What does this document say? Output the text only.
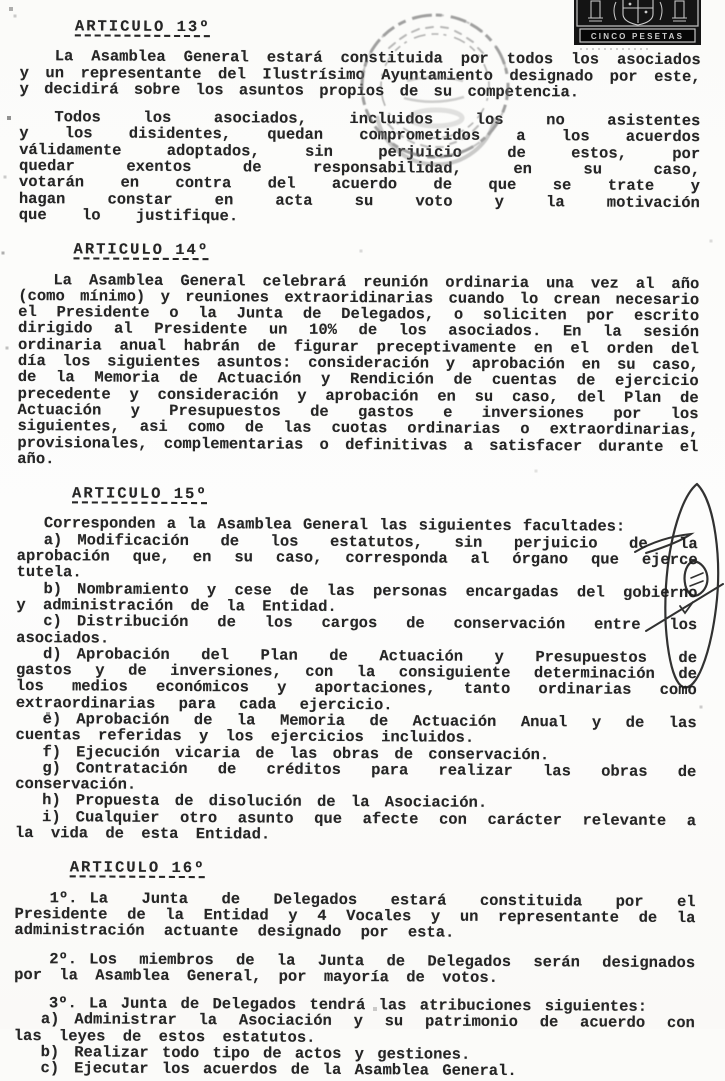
ARTICULO 13º

La Asamblea General estará constituida por todos los asociados y un representante del Ilustrísimo Ayuntamiento designado por este, y decidirá sobre los asuntos propios de su competencia.

Todos los asociados, incluidos los no asistentes y los disidentes, quedan comprometidos a los acuerdos válidamente adoptados, sin perjuicio de estos, por quedar exentos de responsabilidad, en su caso, votarán en contra del acuerdo de que se trate y hagan constar en acta su voto y la motivación que lo justifique.

ARTICULO 14º

La Asamblea General celebrará reunión ordinaria una vez al año (como mínimo) y reuniones extraoridinarias cuando lo crean necesario el Presidente o la Junta de Delegados, o soliciten por escrito dirigido al Presidente un 10% de los asociados. En la sesión ordinaria anual habrán de figurar preceptivamente en el orden del día los siguientes asuntos: consideración y aprobación en su caso, de la Memoria de Actuación y Rendición de cuentas de ejercicio precedente y consideración y aprobación en su caso, del Plan de Actuación y Presupuestos de gastos e inversiones por los siguientes, asi como de las cuotas ordinarias o extraordinarias, provisionales, complementarias o definitivas a satisfacer durante el año.

ARTICULO 15º

Corresponden a la Asamblea General las siguientes facultades:

a) Modificación de los estatutos, sin perjuicio de la aprobación que, en su caso, corresponda al órgano que ejerce tutela.

b) Nombramiento y cese de las personas encargadas del gobierno y administración de la Entidad.

c) Distribución de los cargos de conservación entre los asociados.

d) Aprobación del Plan de Actuación y Presupuestos de gastos y de inversiones, con la consiguiente determinación de los medios económicos y aportaciones, tanto ordinarias como extraordinarias para cada ejercicio.

e) Aprobación de la Memoria de Actuación Anual y de las cuentas referidas y los ejercicios incluidos.

f) Ejecución vicaria de las obras de conservación.

g) Contratación de créditos para realizar las obras de conservación.

h) Propuesta de disolución de la Asociación.

i) Cualquier otro asunto que afecte con carácter relevante a la vida de esta Entidad.

ARTICULO 16º

1º. La Junta de Delegados estará constituida por el Presidente de la Entidad y 4 Vocales y un representante de la administración actuante designado por esta.

2º. Los miembros de la Junta de Delegados serán designados por la Asamblea General, por mayoría de votos.

3º. La Junta de Delegados tendrá las atribuciones siguientes:

a) Administrar la Asociación y su patrimonio de acuerdo con las leyes de estos estatutos.

b) Realizar todo tipo de actos y gestiones.

c) Ejecutar los acuerdos de la Asamblea General.

CINCO PESETAS
